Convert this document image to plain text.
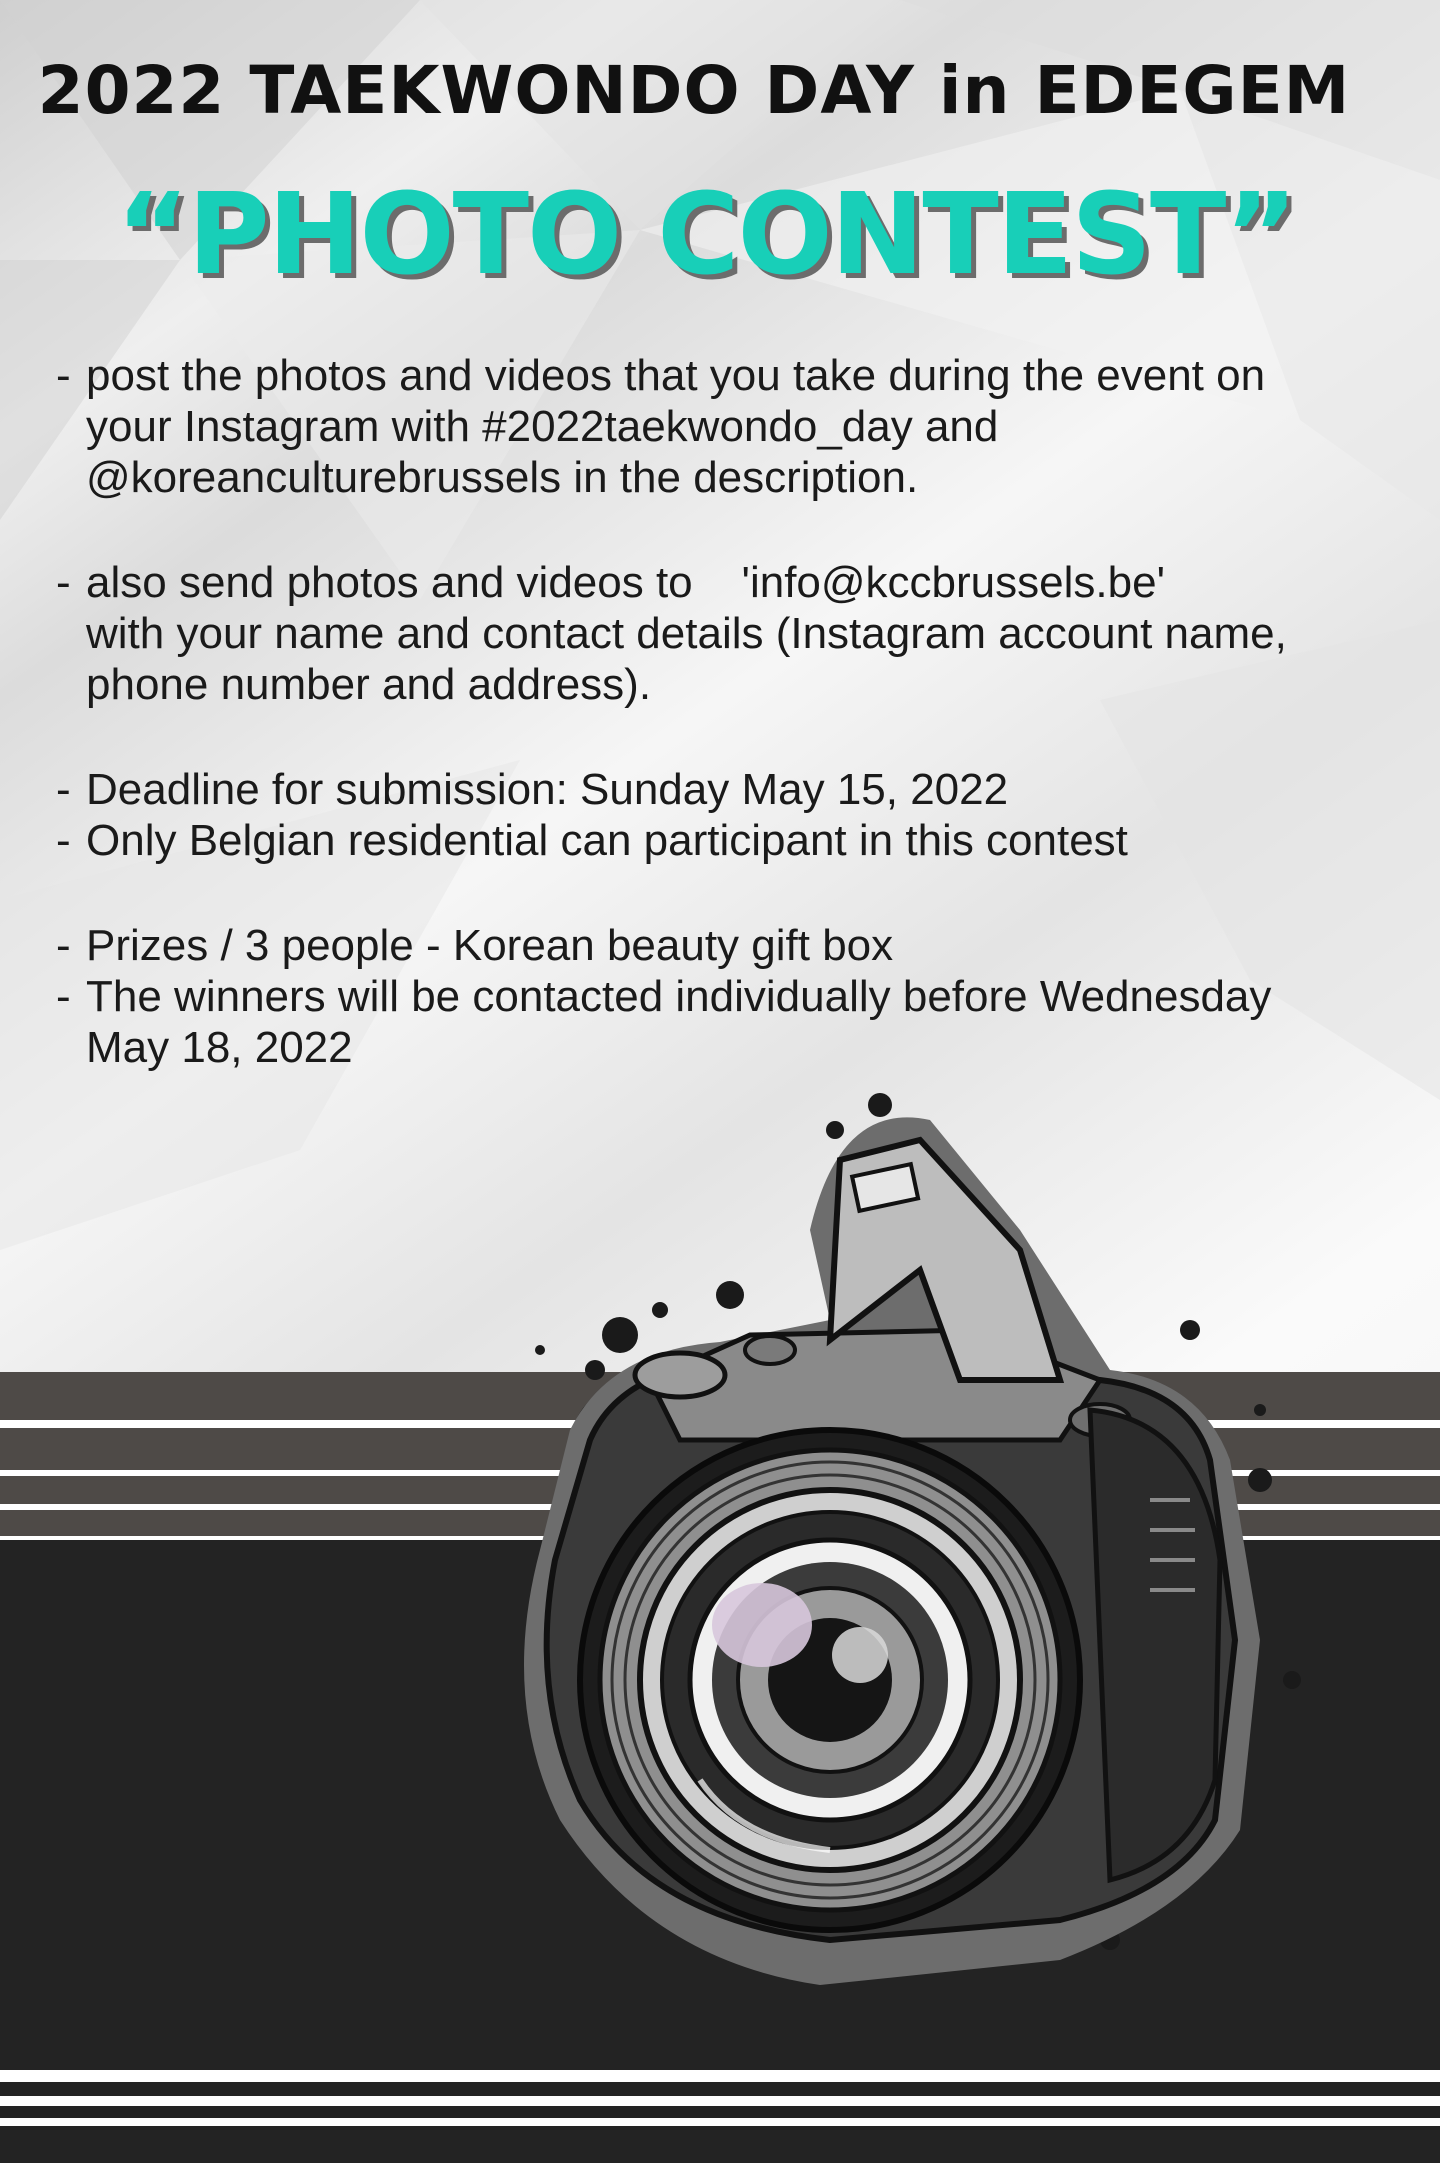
2022 TAEKWONDO DAY in EDEGEM
“PHOTO CONTEST”
- post the photos and videos that you take during the event on
your Instagram with #2022taekwondo_day and
@koreanculturebrussels in the description.
- also send photos and videos to    'info@kccbrussels.be'
with your name and contact details (Instagram account name,
phone number and address).
- Deadline for submission: Sunday May 15, 2022
- Only Belgian residential can participant in this contest
- Prizes / 3 people - Korean beauty gift box
- The winners will be contacted individually before Wednesday
May 18, 2022
